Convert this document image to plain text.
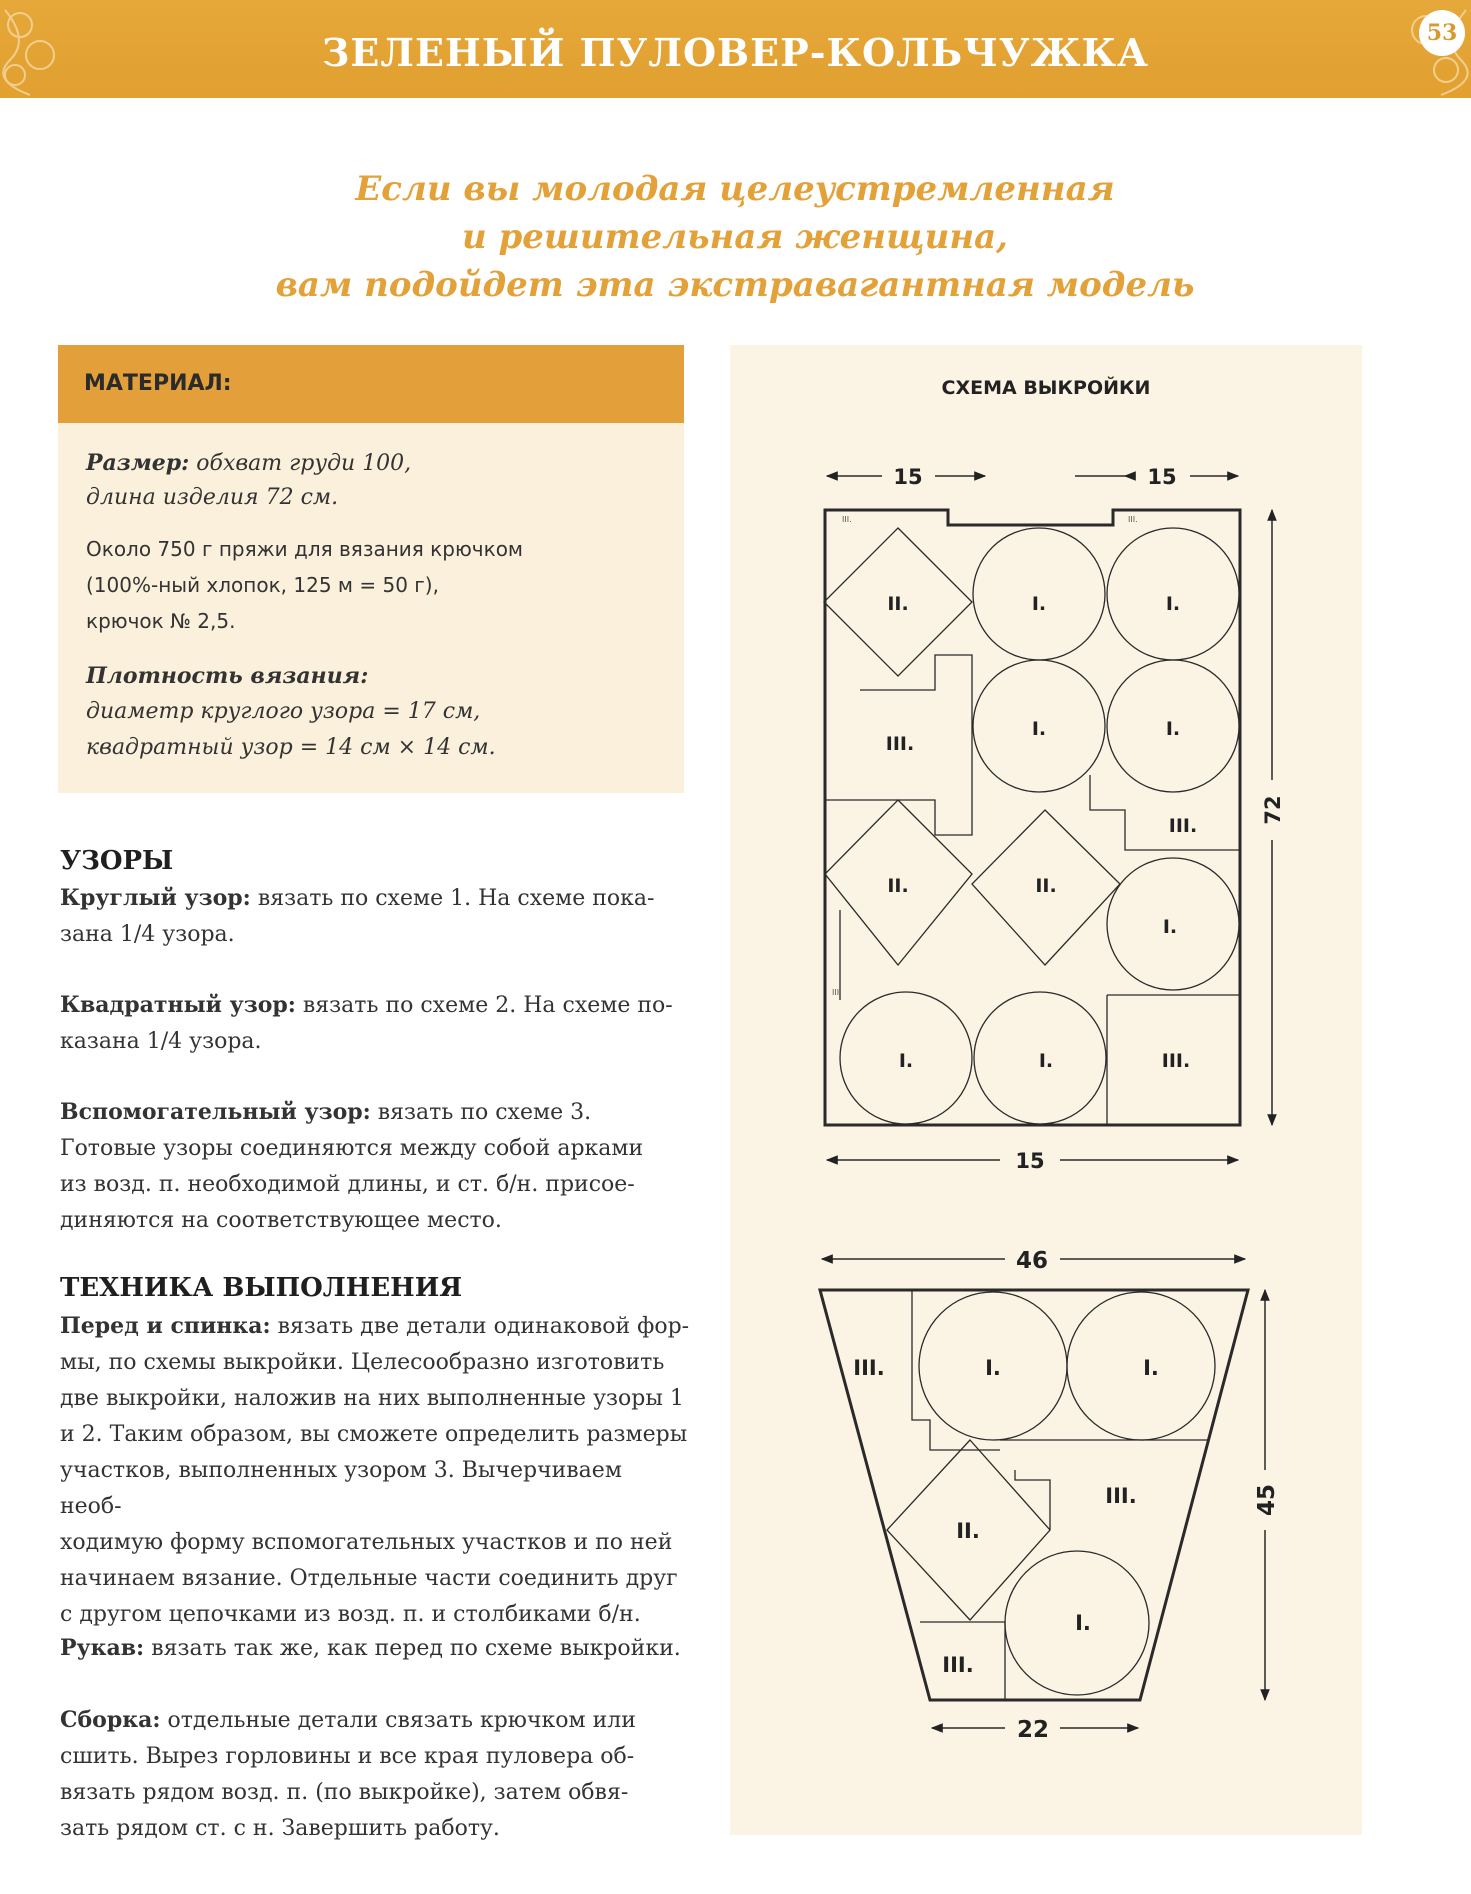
ЗЕЛЕНЫЙ ПУЛОВЕР-КОЛЬЧУЖКА	53
Если вы молодая целеустремленная
и решительная женщина,
вам подойдет эта экстравагантная модель
МАТЕРИАЛ:
Размер: обхват груди 100,
длина изделия 72 см.
Около 750 г пряжи для вязания крючком
(100%-ный хлопок, 125 м = 50 г),
крючок № 2,5.
Плотность вязания:
диаметр круглого узора = 17 см,
квадратный узор = 14 см × 14 см.
УЗОРЫ
Круглый узор: вязать по схеме 1. На схеме пока-
зана 1/4 узора.
Квадратный узор: вязать по схеме 2. На схеме по-
казана 1/4 узора.
Вспомогательный узор: вязать по схеме 3.
Готовые узоры соединяются между собой арками
из возд. п. необходимой длины, и ст. б/н. присое-
диняются на соответствующее место.
ТЕХНИКА ВЫПОЛНЕНИЯ
Перед и спинка: вязать две детали одинаковой фор-
мы, по схемы выкройки. Целесообразно изготовить
две выкройки, наложив на них выполненные узоры 1
и 2. Таким образом, вы сможете определить размеры
участков, выполненных узором 3. Вычерчиваем необ-
ходимую форму вспомогательных участков и по ней
начинаем вязание. Отдельные части соединить друг
с другом цепочками из возд. п. и столбиками б/н.
Рукав: вязать так же, как перед по схеме выкройки.
Сборка: отдельные детали связать крючком или
сшить. Вырез горловины и все края пуловера об-
вязать рядом возд. п. (по выкройке), затем обвя-
зать рядом ст. с н. Завершить работу.
СХЕМА ВЫКРОЙКИ
II.	I.	I.
III.
I.	I.
III.
II.	II.
I.
I.	I.	III.
III.	III.
III.
15	15
72
15
III.	I.	I.
III.
II.
I.
III.
46
45
22
